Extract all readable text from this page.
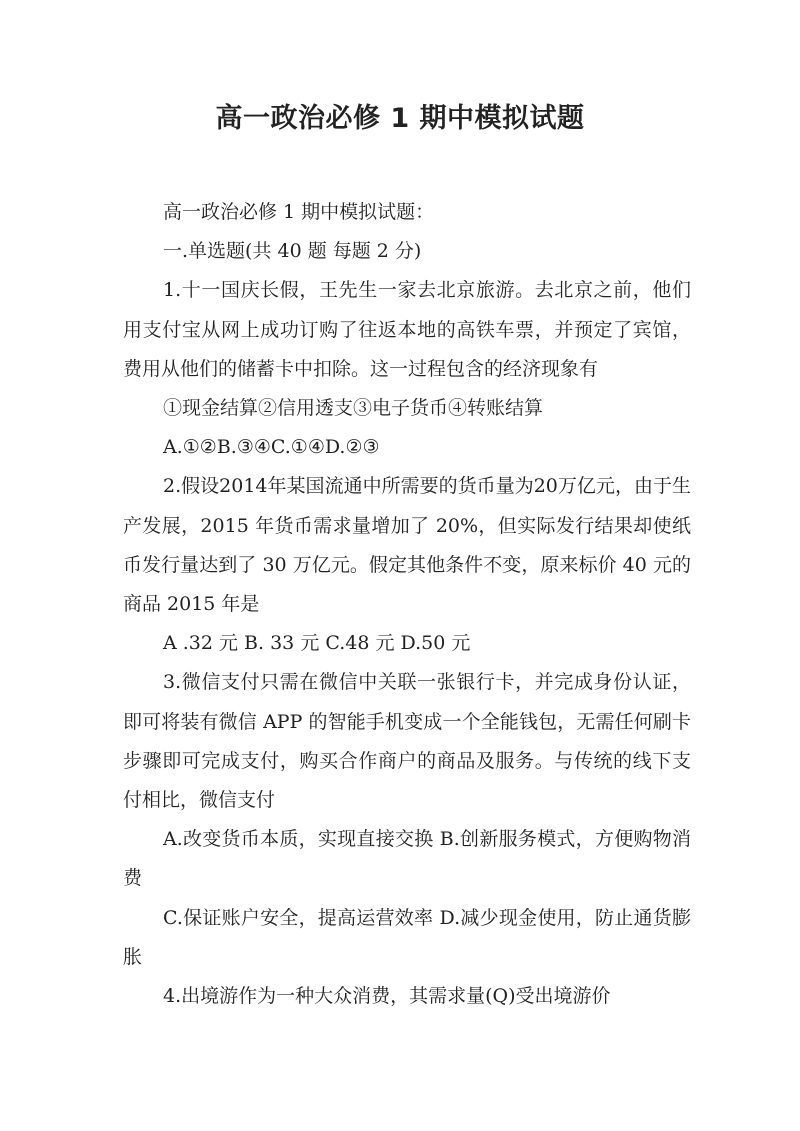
高一政治必修 1 期中模拟试题

高一政治必修 1 期中模拟试题：

一.单选题(共 40 题 每题 2 分)

1.十一国庆长假，王先生一家去北京旅游。去北京之前，他们用支付宝从网上成功订购了往返本地的高铁车票，并预定了宾馆，费用从他们的储蓄卡中扣除。这一过程包含的经济现象有

①现金结算②信用透支③电子货币④转账结算

A.①②B.③④C.①④D.②③

2.假设2014年某国流通中所需要的货币量为20万亿元，由于生产发展，2015 年货币需求量增加了 20%，但实际发行结果却使纸币发行量达到了 30 万亿元。假定其他条件不变，原来标价 40 元的商品 2015 年是

A .32 元 B. 33 元 C.48 元 D.50 元

3.微信支付只需在微信中关联一张银行卡，并完成身份认证，即可将装有微信 APP 的智能手机变成一个全能钱包，无需任何刷卡步骤即可完成支付，购买合作商户的商品及服务。与传统的线下支付相比，微信支付

A.改变货币本质，实现直接交换 B.创新服务模式，方便购物消费

C.保证账户安全，提高运营效率 D.减少现金使用，防止通货膨胀

4.出境游作为一种大众消费，其需求量(Q)受出境游价
